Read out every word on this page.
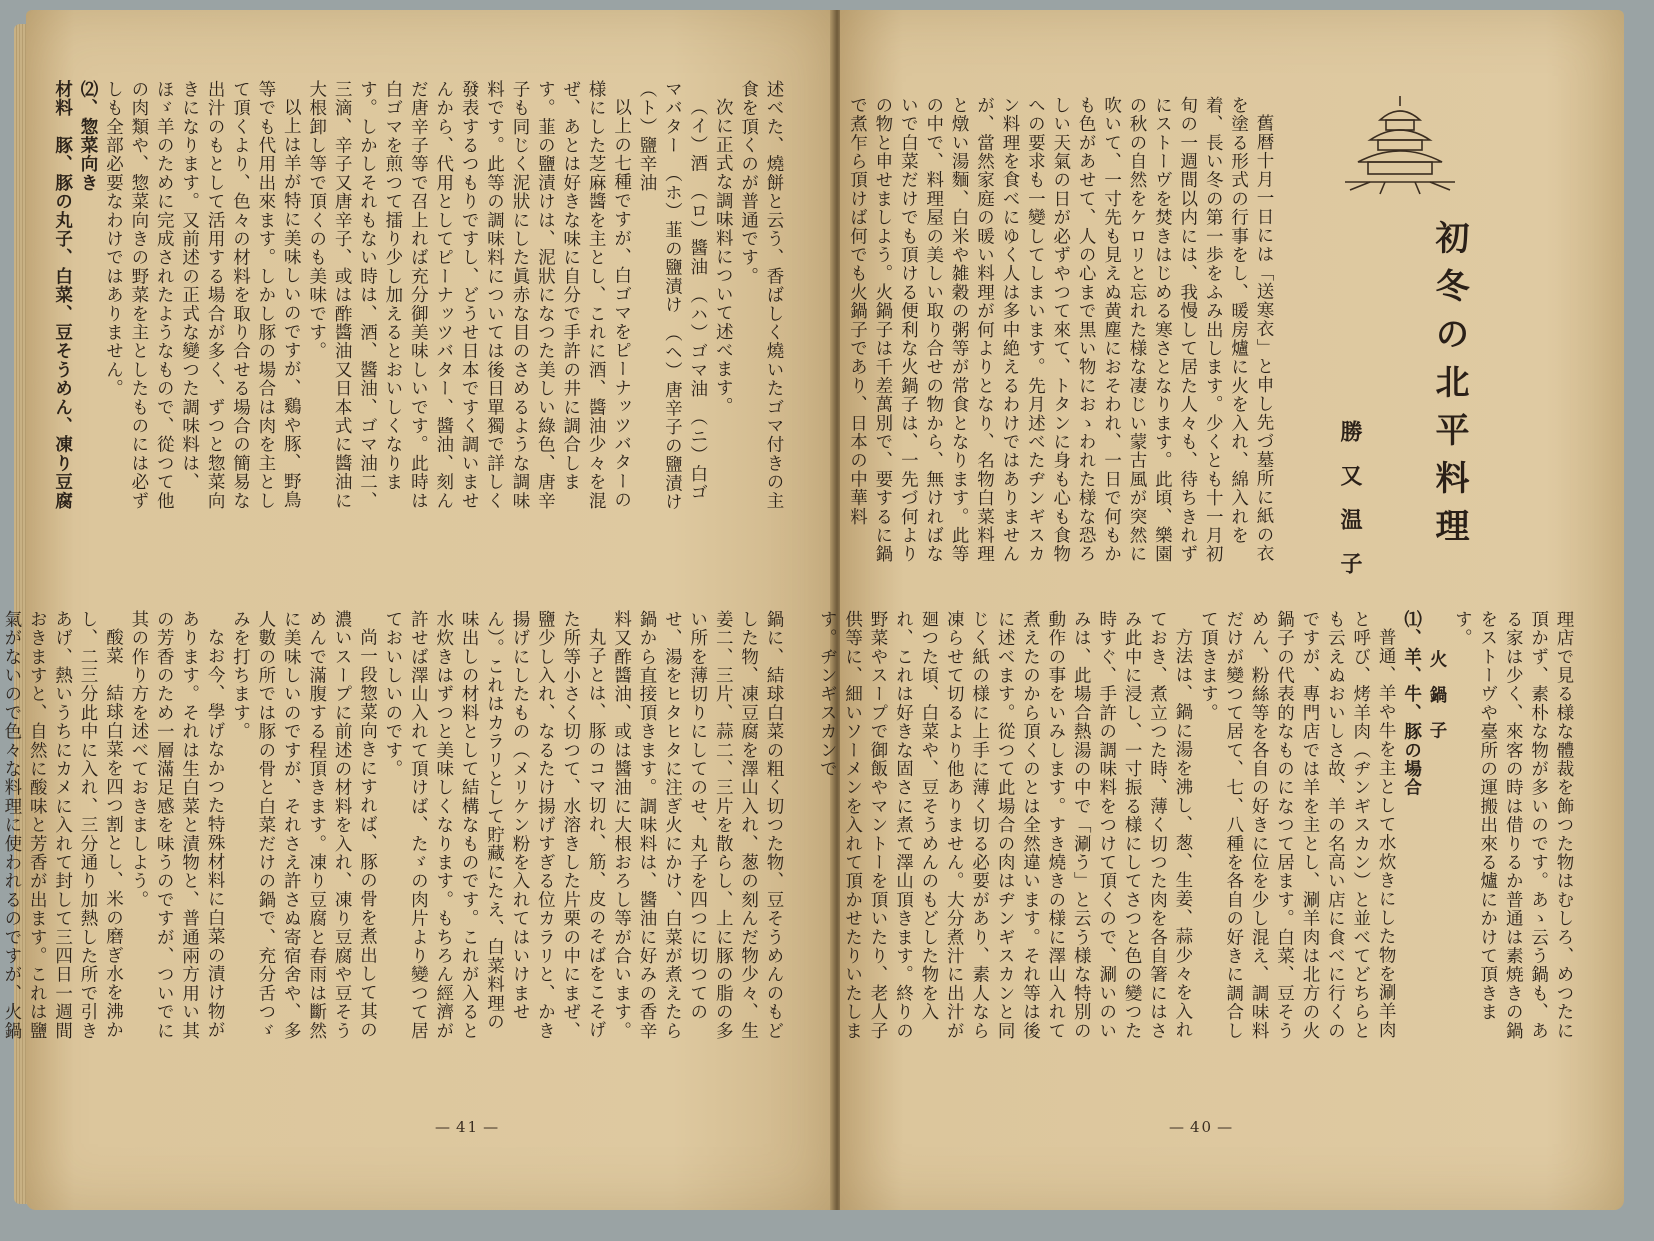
述べた、燒餅と云う、香ばしく燒いたゴマ付きの主食を頂くのが普通です。

次に正式な調味料について述べます。

（イ）酒　（ロ）醬油　（ハ）ゴマ油　（ニ）白ゴマバター　（ホ）韮の鹽漬け　（ヘ）唐辛子の鹽漬け　（ト）鹽辛油

以上の七種ですが、白ゴマをピーナッツバターの様にした芝麻醬を主とし、これに酒、醬油少々を混ぜ、あとは好きな味に自分で手許の井に調合します。韮の鹽漬けは、泥狀になつた美しい綠色、唐辛子も同じく泥狀にした眞赤な目のさめるような調味料です。此等の調味料については後日單獨で詳しく發表するつもりですし、どうせ日本ですく調いませんから、代用としてピーナッツバター、醬油、刻んだ唐辛子等で召上れば充分御美味しいです。此時は白ゴマを煎つて擂り少し加えるとおいしくなります。しかしそれもない時は、酒、醬油、ゴマ油二、三滴、辛子又唐辛子、或は酢醬油又日本式に醬油に大根卸し等で頂くのも美味です。

以上は羊が特に美味しいのですが、鷄や豚、野鳥等でも代用出來ます。しかし豚の場合は肉を主として頂くより、色々の材料を取り合せる場合の簡易な出汁のもとして活用する場合が多く、ずつと惣菜向きになります。又前述の正式な變つた調味料は、ほゞ羊のために完成されたようなもので、從つて他の肉類や、惣菜向きの野菜を主としたものには必ずしも全部必要なわけではありません。

⑵、惣菜向き

材料　豚、豚の丸子、白菜、豆そうめん、凍り豆腐

鍋に、結球白菜の粗く切つた物、豆そうめんのもどした物、凍豆腐を澤山入れ、葱の刻んだ物少々、生姜二、三片、蒜二、三片を散らし、上に豚の脂の多い所を薄切りにしてのせ、丸子を四つに切つてのせ、湯をヒタヒタに注ぎ火にかけ、白菜が煮えたら鍋から直接頂きます。調味料は、醬油に好みの香辛料又酢醬油、或は醬油に大根おろし等が合います。

丸子とは、豚のコマ切れ、筋、皮のそばをこそげた所等小さく切つて、水溶きした片栗の中にまぜ、鹽少し入れ、なるたけ揚げすぎる位カラリと、かき揚げにしたもの（メリケン粉を入れてはいけません）。これはカラリとして貯藏にたえ、白菜料理の味出しの材料として結構なものです。これが入ると水炊きはずつと美味しくなります。もちろん經濟が許せば澤山入れて頂けば、たゞの肉片より變つて居ておいしいのです。

尚一段惣菜向きにすれば、豚の骨を煮出して其の濃いスープに前述の材料を入れ、凍り豆腐や豆そうめんで滿腹する程頂きます。凍り豆腐と春雨は斷然に美味しいのですが、それさえ許さぬ寄宿舍や、多人數の所では豚の骨と白菜だけの鍋で、充分舌つゞみを打ちます。

なお今、學げなかつた特殊材料に白菜の漬け物があります。それは生白菜と漬物と、普通兩方用い其の芳香のため一層滿足感を味うのですが、ついでに其の作り方を述べておきましよう。

酸菜　結球白菜を四つ割とし、米の磨ぎ水を沸かし、二三分此中に入れ、三分通り加熱した所で引きあげ、熱いうちにカメに入れて封して三四日一週間おきますと、自然に酸味と芳香が出ます。これは鹽氣がないので色々な料理に使われるのですが、火鍋

— 41 —
初冬の北平料理
勝又温子

舊暦十月一日には「送寒衣」と申し先づ墓所に紙の衣を塗る形式の行事をし、暖房爐に火を入れ、綿入れを着、長い冬の第一歩をふみ出します。少くとも十一月初旬の一週間以内には、我慢して居た人々も、待ちきれずにストーヴを焚きはじめる寒さとなります。此頃、樂園の秋の自然をケロリと忘れた様な凄じい蒙古風が突然に吹いて、一寸先も見えぬ黄塵におそわれ、一日で何もかも色があせて、人の心まで黒い物におゝわれた様な恐ろしい天氣の日が必ずやつて來て、トタンに身も心も食物への要求も一變してしまいます。先月述べたヂンギスカン料理を食べにゆく人は多中絶えるわけではありませんが、當然家庭の暖い料理が何よりとなり、名物白菜料理と燉い湯麵、白米や雑穀の粥等が常食となります。此等の中で、料理屋の美しい取り合せの物から、無ければないで白菜だけでも頂ける便利な火鍋子は、一先づ何よりの物と申せましよう。火鍋子は千差萬別で、要するに鍋で煮乍ら頂けば何でも火鍋子であり、日本の中華料

理店で見る様な體裁を飾つた物はむしろ、めつたに頂かず、素朴な物が多いのです。あゝ云う鍋も、ある家は少く、來客の時は借りるか普通は素焼きの鍋をストーヴや臺所の運搬出來る爐にかけて頂きます。

火鍋子

⑴、羊、牛、豚の場合

普通、羊や牛を主として水炊きにした物を涮羊肉と呼び、烤羊肉（ヂンギスカン）と並べてどちらとも云えぬおいしさ故、羊の名高い店に食べに行くのですが、專門店では羊を主とし、涮羊肉は北方の火鍋子の代表的なものになつて居ます。白菜、豆そうめん、粉絲等を各自の好きに位を少し混え、調味料だけが變つて居て、七、八種を各自の好きに調合して頂きます。

方法は、鍋に湯を沸し、葱、生姜、蒜少々を入れておき、煮立つた時、薄く切つた肉を各自箸にはさみ此中に浸し、一寸振る様にしてさつと色の變つた時すぐ、手許の調味料をつけて頂くので、涮いのいみは、此場合熱湯の中で「涮う」と云う様な特別の動作の事をいみします。すき燒きの様に澤山入れて煮えたのから頂くのとは全然違います。それ等は後に述べます。從つて此場合の肉はヂンギスカンと同じく紙の様に上手に薄く切る必要があり、素人なら凍らせて切るより他ありません。大分煮汁に出汁が廻つた頃、白菜や、豆そうめんのもどした物を入れ、これは好きな固さに煮て澤山頂きます。終りの野菜やスープで御飯やマントーを頂いたり、老人子供等に、細いソーメンを入れて頂かせたりいたします。ヂンギスカンで

— 40 —
